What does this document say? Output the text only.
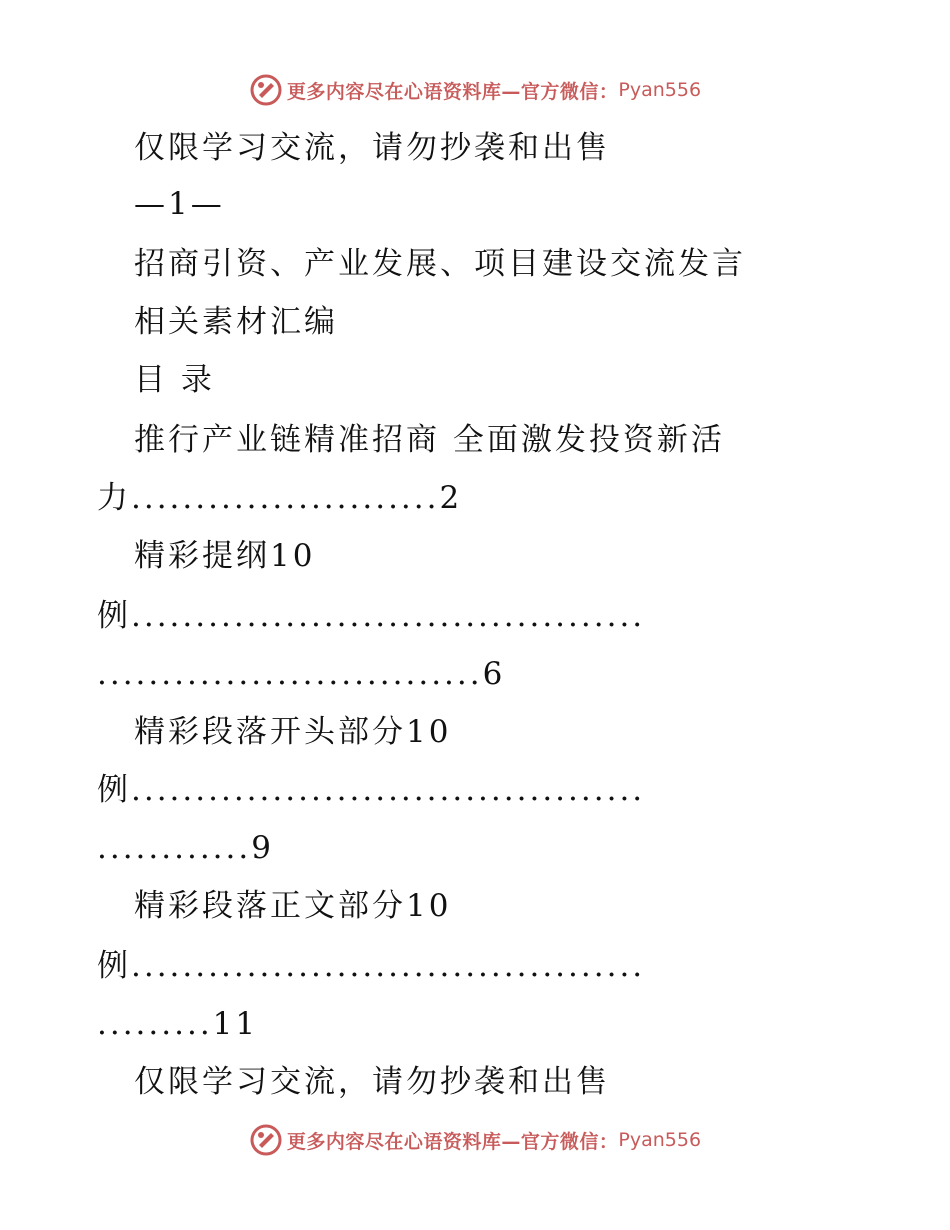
更多内容尽在心语资料库—官方微信： Pyan556
仅限学习交流，请勿抄袭和出售
—1—
招商引资、产业发展、项目建设交流发言
相关素材汇编
目 录
推行产业链精准招商 全面激发投资新活
力........................2
精彩提纲10
例........................................
..............................6
精彩段落开头部分10
例........................................
............9
精彩段落正文部分10
例........................................
.........11
仅限学习交流，请勿抄袭和出售
更多内容尽在心语资料库—官方微信： Pyan556
